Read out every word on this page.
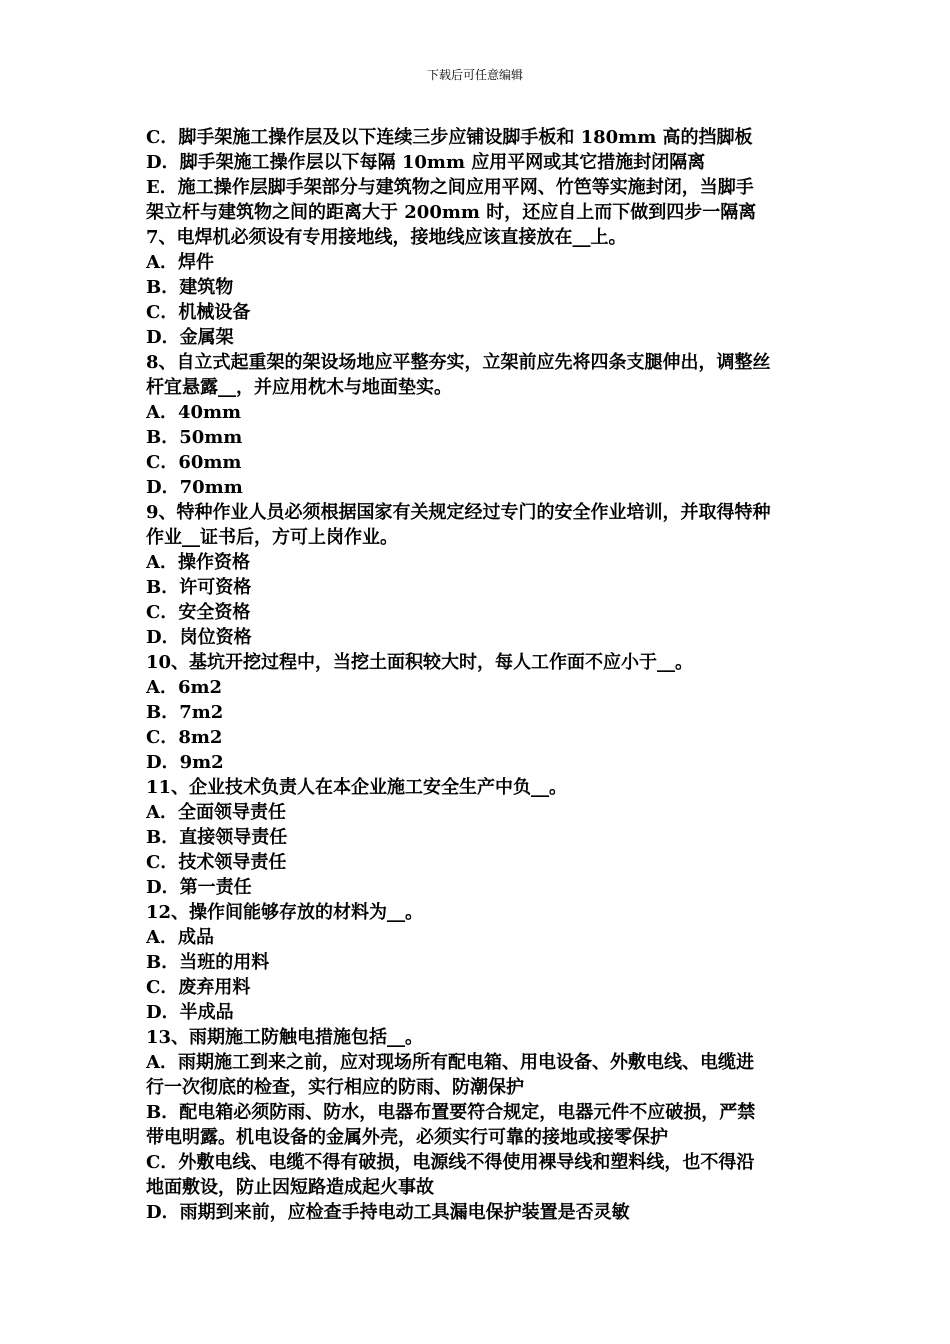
下载后可任意编辑
C．脚手架施工操作层及以下连续三步应铺设脚手板和 180mm 高的挡脚板
D．脚手架施工操作层以下每隔 10mm 应用平网或其它措施封闭隔离
E．施工操作层脚手架部分与建筑物之间应用平网、竹笆等实施封闭，当脚手
架立杆与建筑物之间的距离大于 200mm 时，还应自上而下做到四步一隔离
7、电焊机必须设有专用接地线，接地线应该直接放在__上。
A．焊件
B．建筑物
C．机械设备
D．金属架
8、自立式起重架的架设场地应平整夯实，立架前应先将四条支腿伸出，调整丝
杆宜悬露__，并应用枕木与地面垫实。
A．40mm
B．50mm
C．60mm
D．70mm
9、特种作业人员必须根据国家有关规定经过专门的安全作业培训，并取得特种
作业__证书后，方可上岗作业。
A．操作资格
B．许可资格
C．安全资格
D．岗位资格
10、基坑开挖过程中，当挖土面积较大时，每人工作面不应小于__。
A．6m2
B．7m2
C．8m2
D．9m2
11、企业技术负责人在本企业施工安全生产中负__。
A．全面领导责任
B．直接领导责任
C．技术领导责任
D．第一责任
12、操作间能够存放的材料为__。
A．成品
B．当班的用料
C．废弃用料
D．半成品
13、雨期施工防触电措施包括__。
A．雨期施工到来之前，应对现场所有配电箱、用电设备、外敷电线、电缆进
行一次彻底的检查，实行相应的防雨、防潮保护
B．配电箱必须防雨、防水，电器布置要符合规定，电器元件不应破损，严禁
带电明露。机电设备的金属外壳，必须实行可靠的接地或接零保护
C．外敷电线、电缆不得有破损，电源线不得使用裸导线和塑料线，也不得沿
地面敷设，防止因短路造成起火事故
D．雨期到来前，应检查手持电动工具漏电保护装置是否灵敏
